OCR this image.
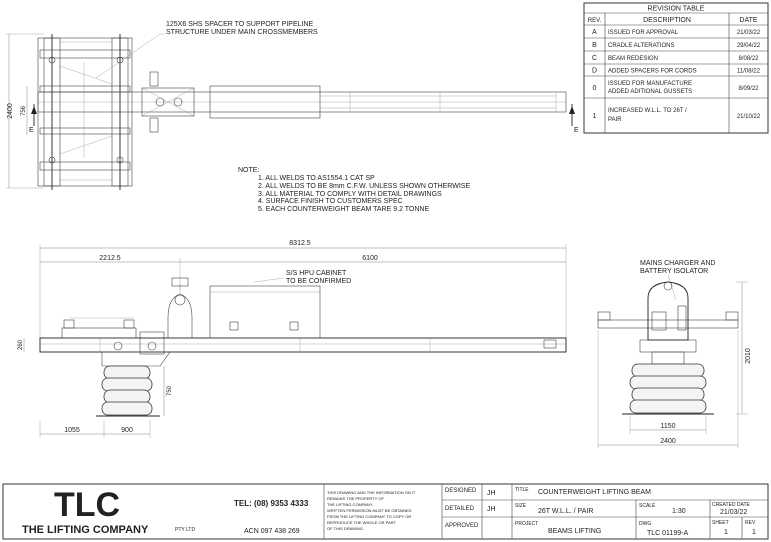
REVISION TABLE
REV.	DESCRIPTION	DATE
A ISSUED FOR APPROVAL	21/03/22
B CRADLE ALTERATIONS	29/04/22
C BEAM REDESIGN	8/08/22
D ADDED SPACERS FOR CORDS	11/08/22
0
ISSUED FOR MANUFACTURE
ADDED ADITIONAL GUSSETS	8/09/22
1
INCREASED W.L.L. TO 26T /
PAIR	21/10/22
2400 756
E	E
125X6 SHS SPACER TO SUPPORT PIPELINE
STRUCTURE UNDER MAIN CROSSMEMBERS
NOTE:
1. ALL WELDS TO AS1554.1 CAT SP
2. ALL WELDS TO BE 8mm C.F.W. UNLESS SHOWN OTHERWISE
3. ALL MATERIAL TO COMPLY WITH DETAIL DRAWINGS
4. SURFACE FINISH TO CUSTOMERS SPEC
5. EACH COUNTERWEIGHT BEAM TARE 9.2 TONNE
8312.5
2212.5	6100
260
750
1055	900
S/S HPU CABINET
TO BE CONFIRMED
MAINS CHARGER AND
BATTERY ISOLATOR
2010
1150
2400
TLC
THE LIFTING COMPANY	PTY LTD
TEL: (08) 9353 4333
ACN 097 438 269
THIS DRAWING AND THE INFORMATION ON IT
REMAINS THE PROPERTY OF
THE LIFTING COMPANY.
WRITTEN PERMISSION MUST BE OBTAINED
FROM THE LIFTING COMPANY TO COPY OR
REPRODUCE THE WHOLE OR PART
OF THIS DRAWING.
DESIGNED JH
DETAILED JH
APPROVED
TITLE COUNTERWEIGHT LIFTING BEAM
SIZE
26T W.L.L. / PAIR
PROJECT
BEAMS LIFTING
SCALE
1:30
DWG
TLC 01199-A
CREATED DATE
21/03/22
SHEET
1
REV
1
